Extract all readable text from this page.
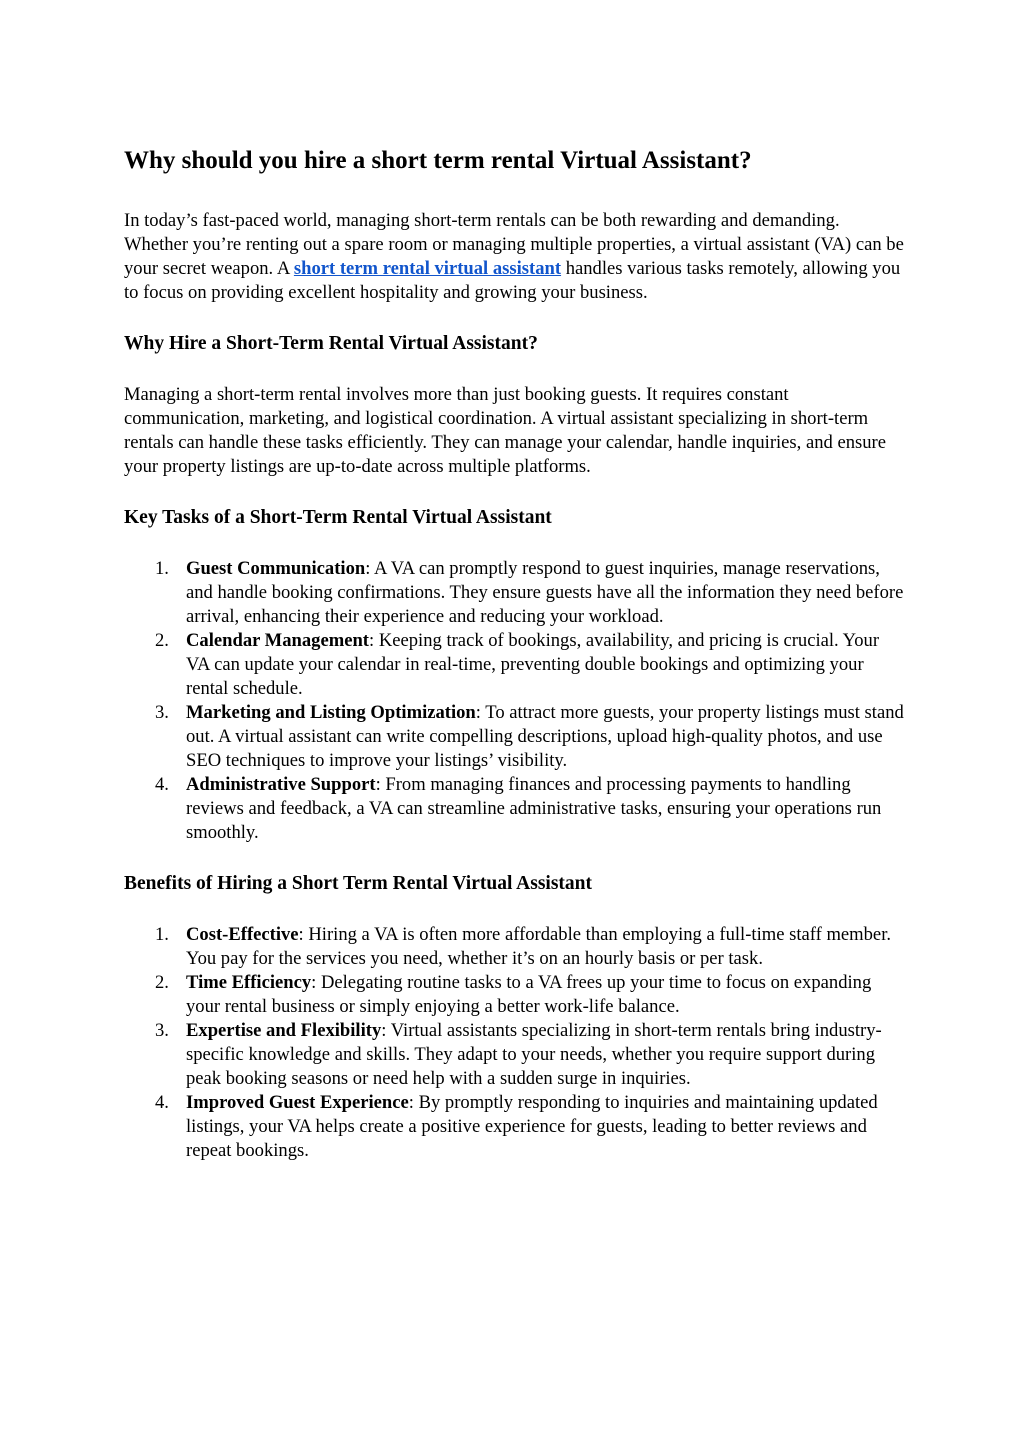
Why should you hire a short term rental Virtual Assistant?

In today’s fast-paced world, managing short-term rentals can be both rewarding and demanding. Whether you’re renting out a spare room or managing multiple properties, a virtual assistant (VA) can be your secret weapon. A short term rental virtual assistant handles various tasks remotely, allowing you to focus on providing excellent hospitality and growing your business.

Why Hire a Short-Term Rental Virtual Assistant?

Managing a short-term rental involves more than just booking guests. It requires constant communication, marketing, and logistical coordination. A virtual assistant specializing in short-term rentals can handle these tasks efficiently. They can manage your calendar, handle inquiries, and ensure your property listings are up-to-date across multiple platforms.

Key Tasks of a Short-Term Rental Virtual Assistant
1. Guest Communication: A VA can promptly respond to guest inquiries, manage reservations, and handle booking confirmations. They ensure guests have all the information they need before arrival, enhancing their experience and reducing your workload.
2. Calendar Management: Keeping track of bookings, availability, and pricing is crucial. Your VA can update your calendar in real-time, preventing double bookings and optimizing your rental schedule.
3. Marketing and Listing Optimization: To attract more guests, your property listings must stand out. A virtual assistant can write compelling descriptions, upload high-quality photos, and use SEO techniques to improve your listings’ visibility.
4. Administrative Support: From managing finances and processing payments to handling reviews and feedback, a VA can streamline administrative tasks, ensuring your operations run smoothly.
Benefits of Hiring a Short Term Rental Virtual Assistant
1. Cost-Effective: Hiring a VA is often more affordable than employing a full-time staff member. You pay for the services you need, whether it’s on an hourly basis or per task.
2. Time Efficiency: Delegating routine tasks to a VA frees up your time to focus on expanding your rental business or simply enjoying a better work-life balance.
3. Expertise and Flexibility: Virtual assistants specializing in short-term rentals bring industry-specific knowledge and skills. They adapt to your needs, whether you require support during peak booking seasons or need help with a sudden surge in inquiries.
4. Improved Guest Experience: By promptly responding to inquiries and maintaining updated listings, your VA helps create a positive experience for guests, leading to better reviews and repeat bookings.
